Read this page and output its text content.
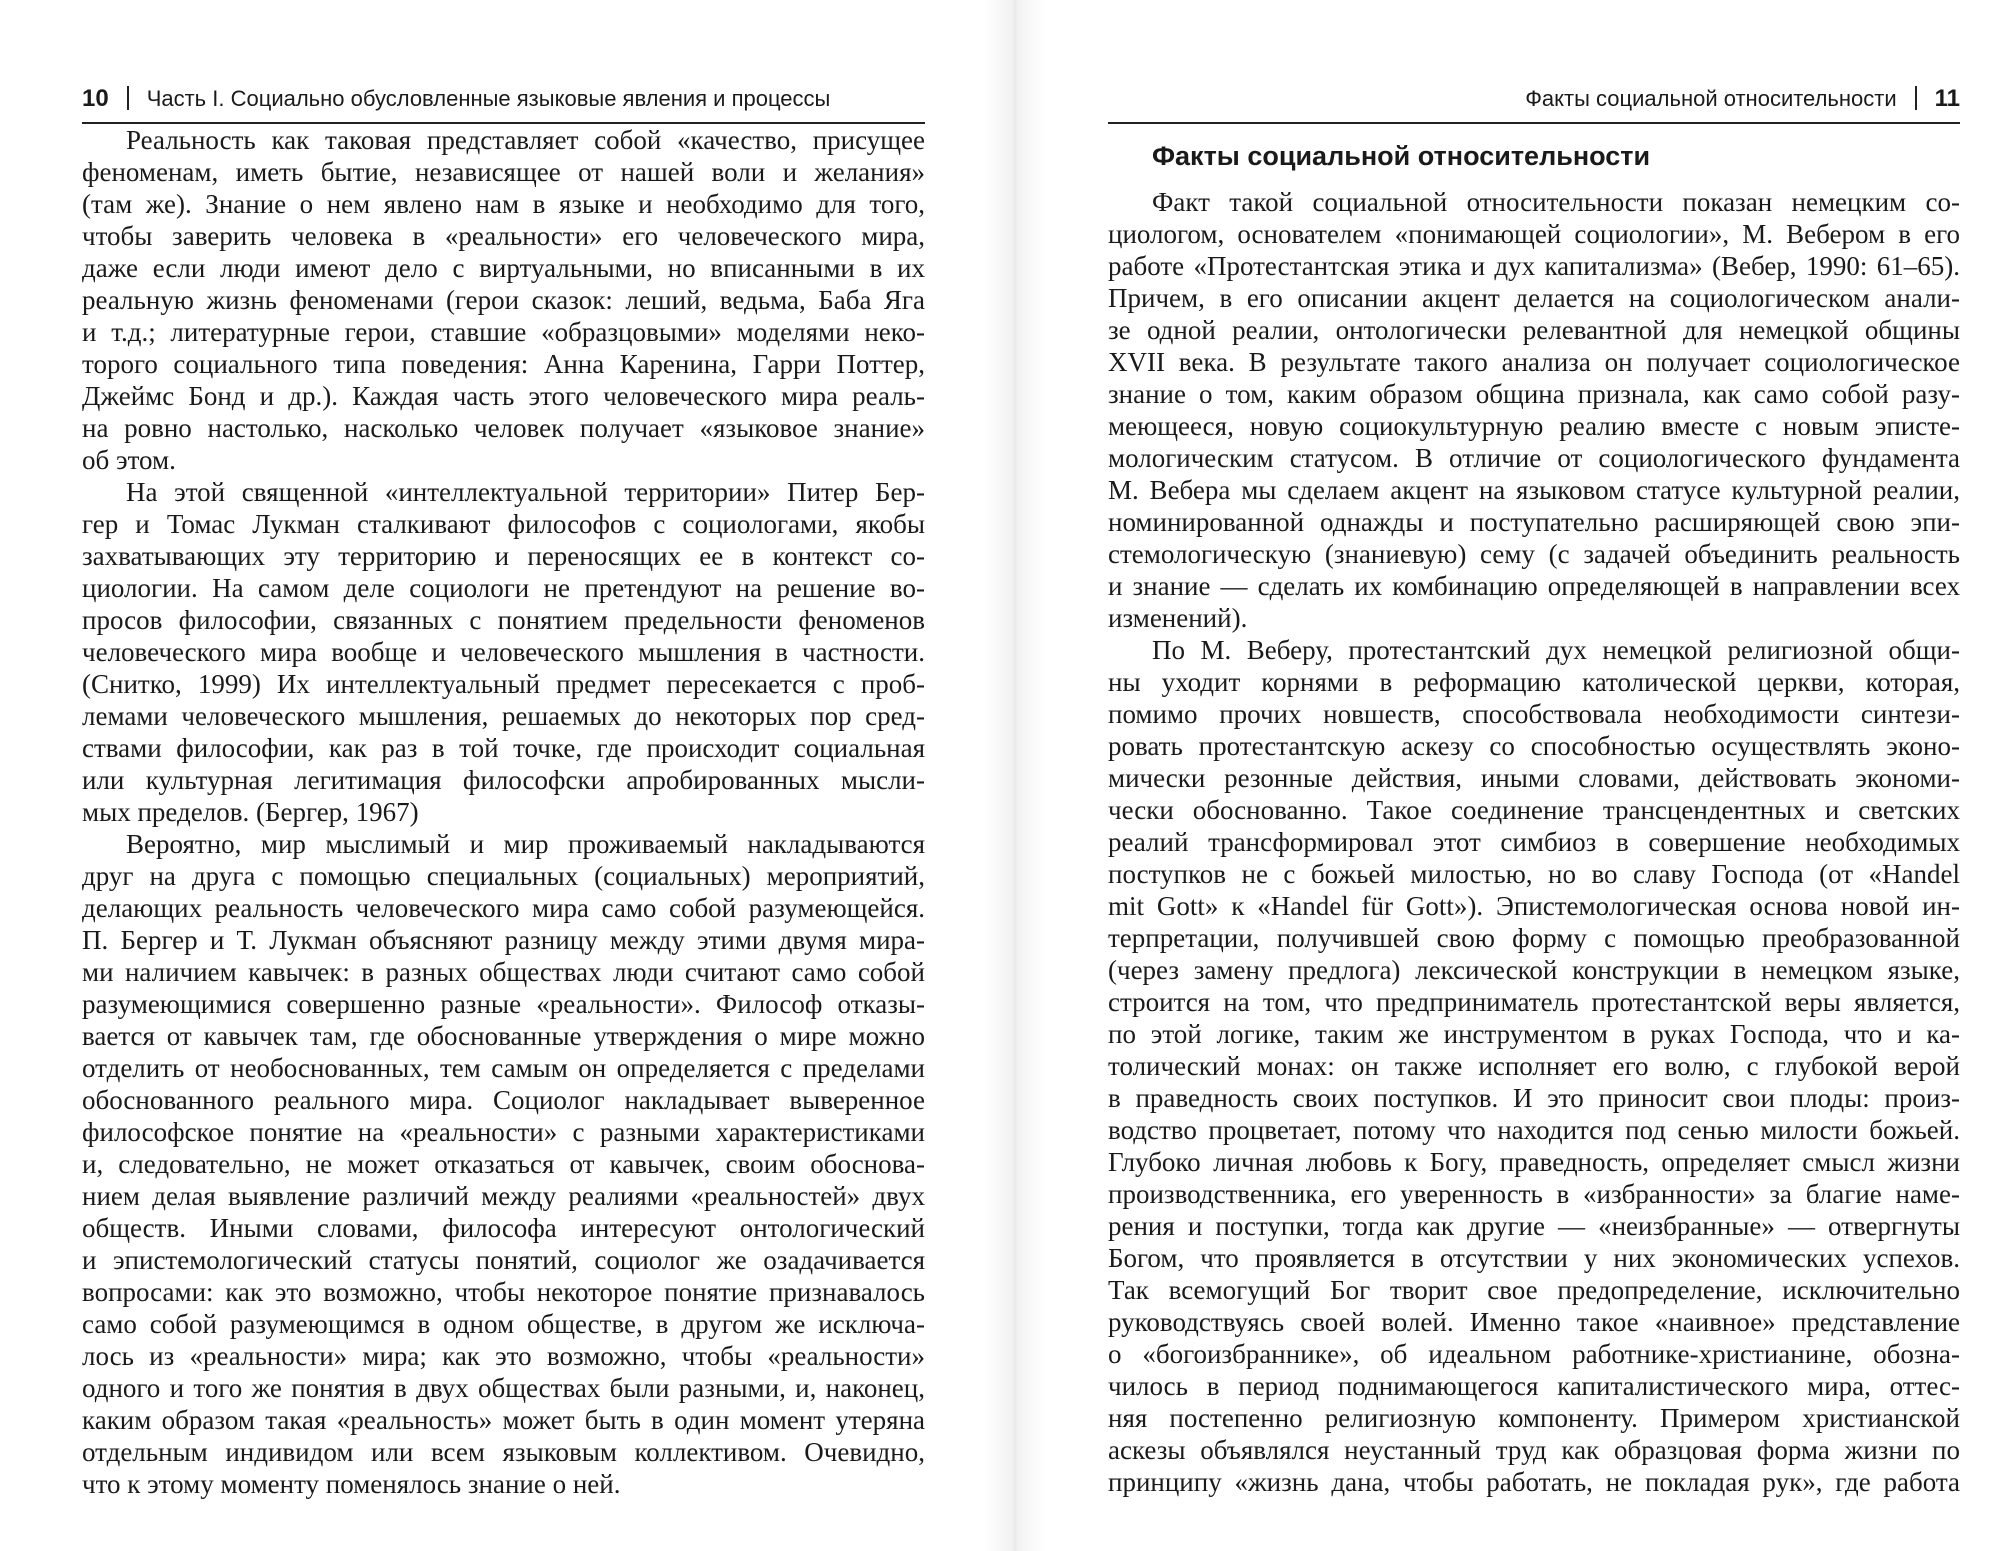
10 Часть I. Социально обусловленные языковые явления и процессы
Реальность как таковая представляет собой «качество, присущее
феноменам, иметь бытие, независящее от нашей воли и желания»
(там же). Знание о нем явлено нам в языке и необходимо для того,
чтобы заверить человека в «реальности» его человеческого мира,
даже если люди имеют дело с виртуальными, но вписанными в их
реальную жизнь феноменами (герои сказок: леший, ведьма, Баба Яга
и т.д.; литературные герои, ставшие «образцовыми» моделями неко-
торого социального типа поведения: Анна Каренина, Гарри Поттер,
Джеймс Бонд и др.). Каждая часть этого человеческого мира реаль-
на ровно настолько, насколько человек получает «языковое знание»
об этом.
На этой священной «интеллектуальной территории» Питер Бер-
гер и Томас Лукман сталкивают философов с социологами, якобы
захватывающих эту территорию и переносящих ее в контекст со-
циологии. На самом деле социологи не претендуют на решение во-
просов философии, связанных с понятием предельности феноменов
человеческого мира вообще и человеческого мышления в частности.
(Снитко, 1999) Их интеллектуальный предмет пересекается с проб-
лемами человеческого мышления, решаемых до некоторых пор сред-
ствами философии, как раз в той точке, где происходит социальная
или культурная легитимация философски апробированных мысли-
мых пределов. (Бергер, 1967)
Вероятно, мир мыслимый и мир проживаемый накладываются
друг на друга с помощью специальных (социальных) мероприятий,
делающих реальность человеческого мира само собой разумеющейся.
П. Бергер и Т. Лукман объясняют разницу между этими двумя мира-
ми наличием кавычек: в разных обществах люди считают само собой
разумеющимися совершенно разные «реальности». Философ отказы-
вается от кавычек там, где обоснованные утверждения о мире можно
отделить от необоснованных, тем самым он определяется с пределами
обоснованного реального мира. Социолог накладывает выверенное
философское понятие на «реальности» с разными характеристиками
и, следовательно, не может отказаться от кавычек, своим обоснова-
нием делая выявление различий между реалиями «реальностей» двух
обществ. Иными словами, философа интересуют онтологический
и эпистемологический статусы понятий, социолог же озадачивается
вопросами: как это возможно, чтобы некоторое понятие признавалось
само собой разумеющимся в одном обществе, в другом же исключа-
лось из «реальности» мира; как это возможно, чтобы «реальности»
одного и того же понятия в двух обществах были разными, и, наконец,
каким образом такая «реальность» может быть в один момент утеряна
отдельным индивидом или всем языковым коллективом. Очевидно,
что к этому моменту поменялось знание о ней.
Факты социальной относительности 11
Факты социальной относительности
Факт такой социальной относительности показан немецким со-
циологом, основателем «понимающей социологии», М. Вебером в его
работе «Протестантская этика и дух капитализма» (Вебер, 1990: 61–65).
Причем, в его описании акцент делается на социологическом анали-
зе одной реалии, онтологически релевантной для немецкой общины
XVII века. В результате такого анализа он получает социологическое
знание о том, каким образом община признала, как само собой разу-
меющееся, новую социокультурную реалию вместе с новым эписте-
мологическим статусом. В отличие от социологического фундамента
М. Вебера мы сделаем акцент на языковом статусе культурной реалии,
номинированной однажды и поступательно расширяющей свою эпи-
стемологическую (знаниевую) сему (с задачей объединить реальность
и знание — сделать их комбинацию определяющей в направлении всех
изменений).
По М. Веберу, протестантский дух немецкой религиозной общи-
ны уходит корнями в реформацию католической церкви, которая,
помимо прочих новшеств, способствовала необходимости синтези-
ровать протестантскую аскезу со способностью осуществлять эконо-
мически резонные действия, иными словами, действовать экономи-
чески обоснованно. Такое соединение трансцендентных и светских
реалий трансформировал этот симбиоз в совершение необходимых
поступков не с божьей милостью, но во славу Господа (от «Handel
mit Gott» к «Handel für Gott»). Эпистемологическая основа новой ин-
терпретации, получившей свою форму с помощью преобразованной
(через замену предлога) лексической конструкции в немецком языке,
строится на том, что предприниматель протестантской веры является,
по этой логике, таким же инструментом в руках Господа, что и ка-
толический монах: он также исполняет его волю, с глубокой верой
в праведность своих поступков. И это приносит свои плоды: произ-
водство процветает, потому что находится под сенью милости божьей.
Глубоко личная любовь к Богу, праведность, определяет смысл жизни
производственника, его уверенность в «избранности» за благие наме-
рения и поступки, тогда как другие — «неизбранные» — отвергнуты
Богом, что проявляется в отсутствии у них экономических успехов.
Так всемогущий Бог творит свое предопределение, исключительно
руководствуясь своей волей. Именно такое «наивное» представление
о «богоизбраннике», об идеальном работнике-христианине, обозна-
чилось в период поднимающегося капиталистического мира, оттес-
няя постепенно религиозную компоненту. Примером христианской
аскезы объявлялся неустанный труд как образцовая форма жизни по
принципу «жизнь дана, чтобы работать, не покладая рук», где работа
